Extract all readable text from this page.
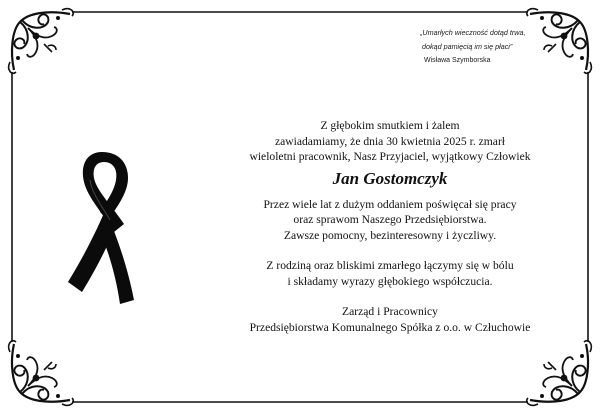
„Umarłych wieczność dotąd trwa,
dokąd pamięcią im się płaci”
Wisława Szymborska

Z głębokim smutkiem i żalem

zawiadamiamy, że dnia 30 kwietnia 2025 r. zmarł

wieloletni pracownik, Nasz Przyjaciel, wyjątkowy Człowiek

Jan Gostomczyk

Przez wiele lat z dużym oddaniem poświęcał się pracy

oraz sprawom Naszego Przedsiębiorstwa.

Zawsze pomocny, bezinteresowny i życzliwy.

Z rodziną oraz bliskimi zmarłego łączymy się w bólu

i składamy wyrazy głębokiego współczucia.

Zarząd i Pracownicy

Przedsiębiorstwa Komunalnego Spółka z o.o. w Człuchowie
